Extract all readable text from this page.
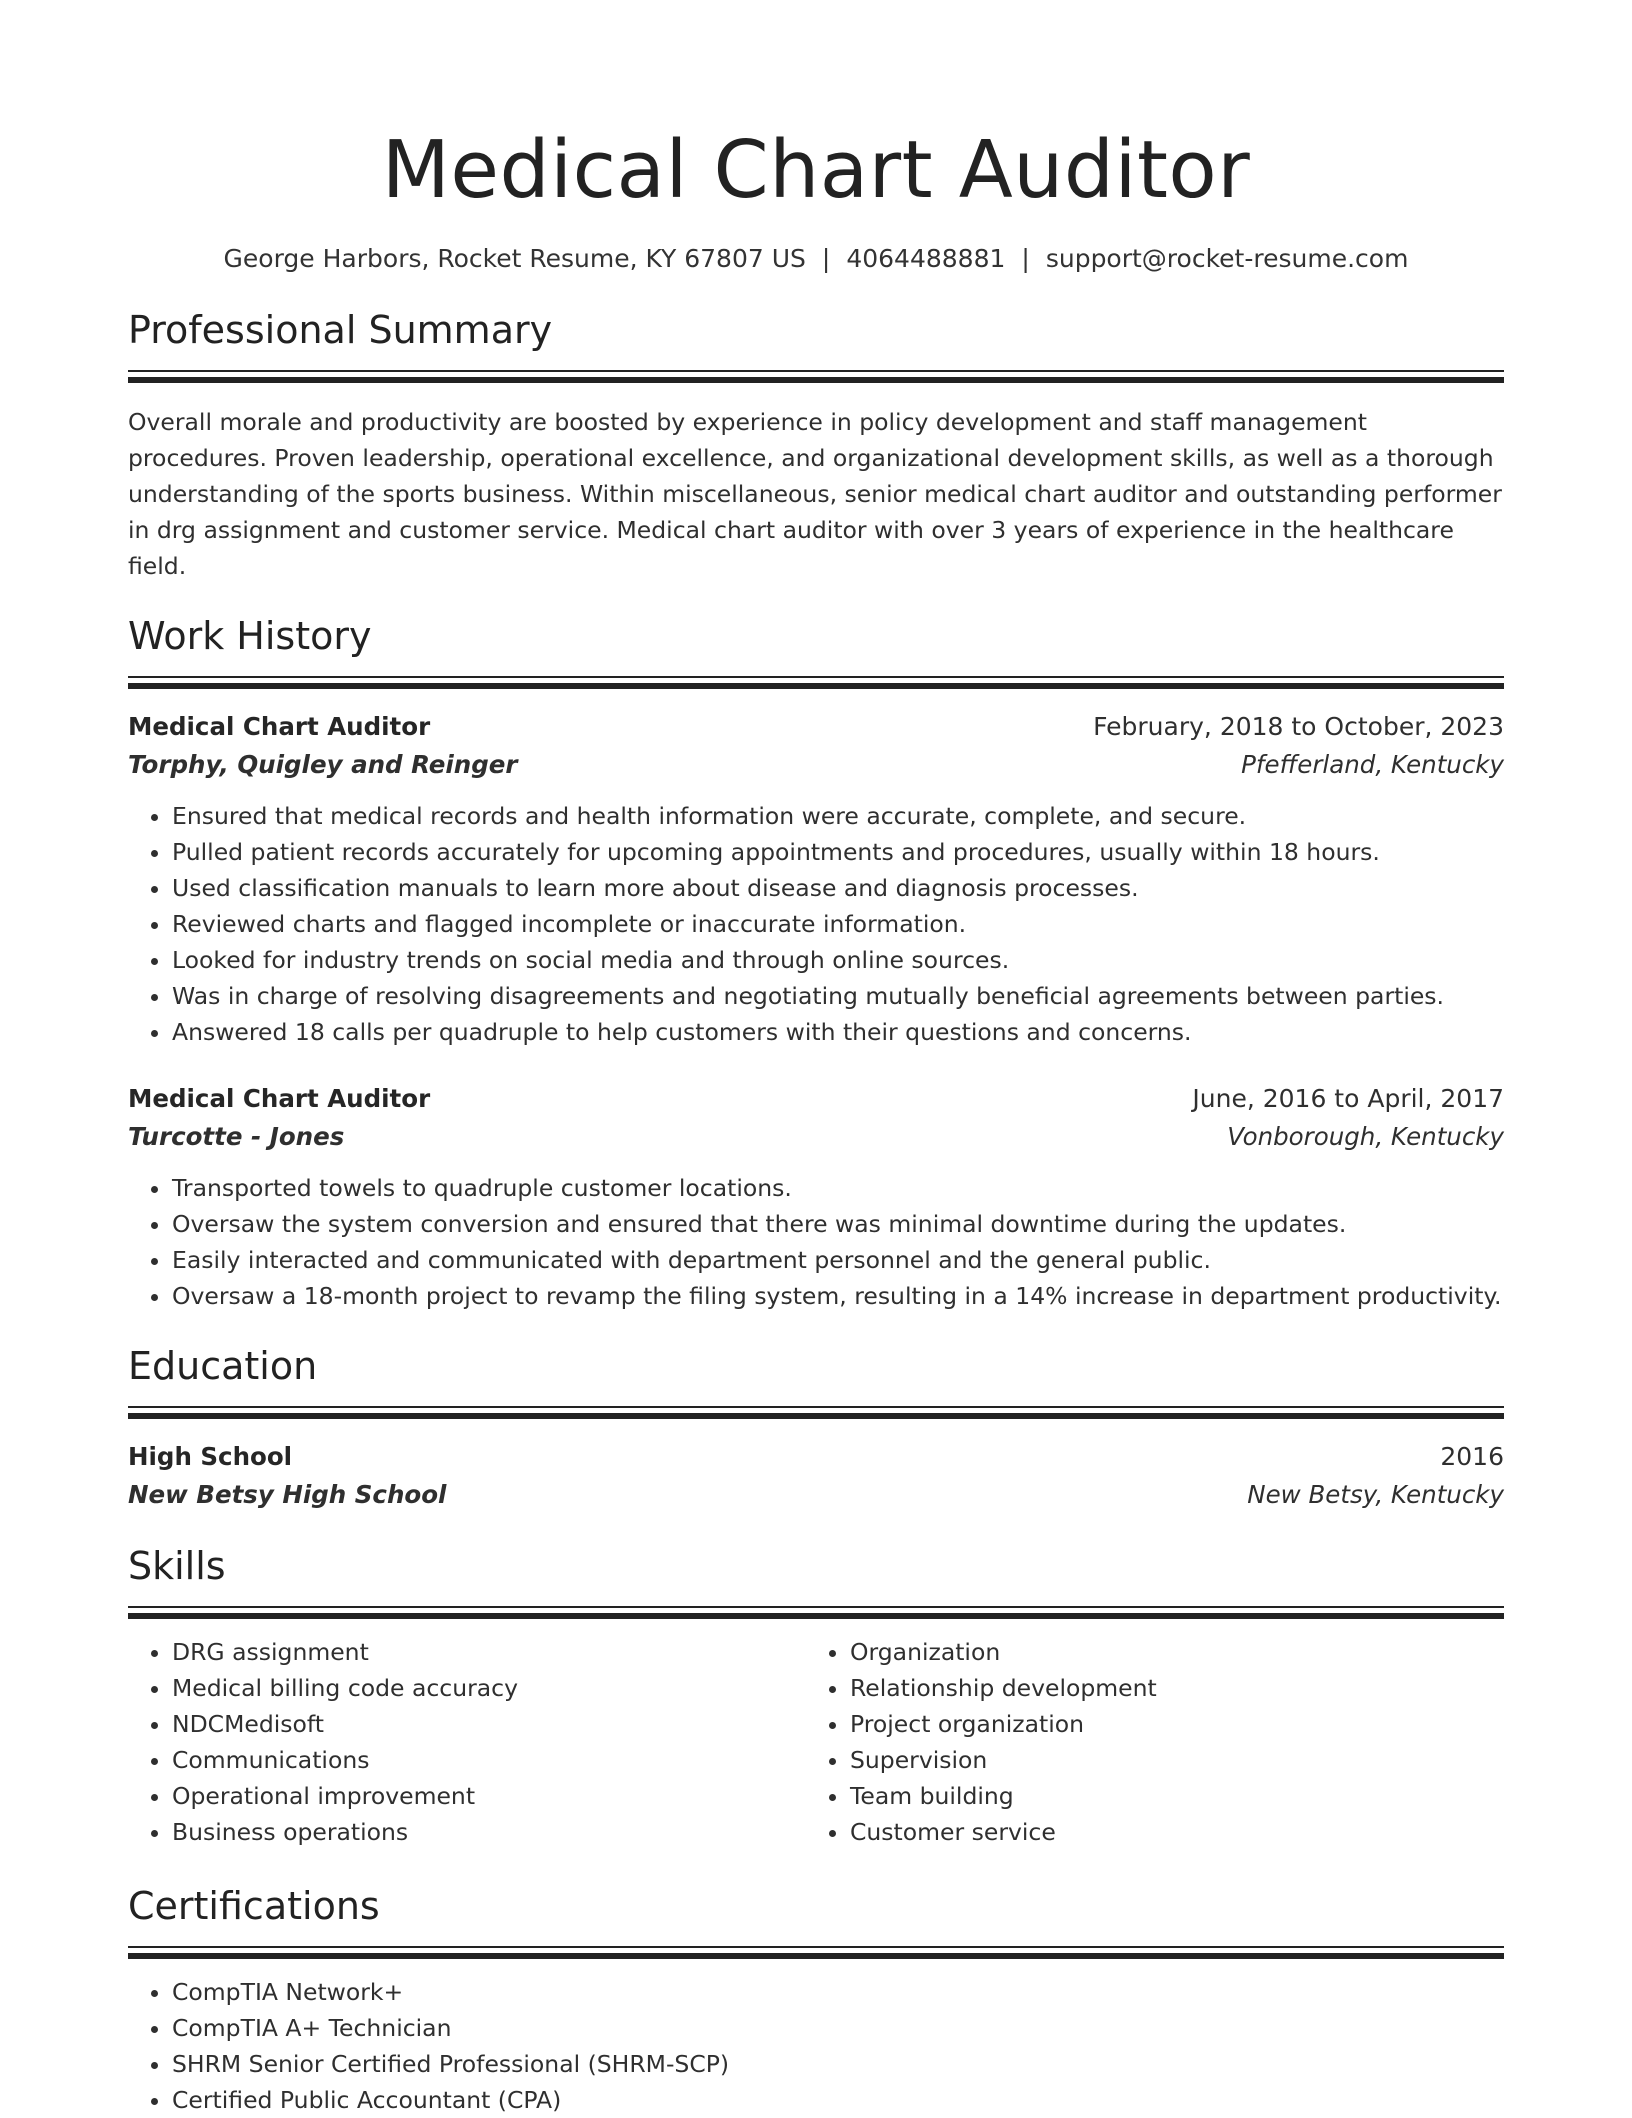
Medical Chart Auditor
George Harbors, Rocket Resume, KY 67807 US | 4064488881 | support@rocket-resume.com
Professional Summary
Overall morale and productivity are boosted by experience in policy development and staff management procedures. Proven leadership, operational excellence, and organizational development skills, as well as a thorough understanding of the sports business. Within miscellaneous, senior medical chart auditor and outstanding performer in drg assignment and customer service. Medical chart auditor with over 3 years of experience in the healthcare field.
Work History
Medical Chart Auditor	February, 2018 to October, 2023
Torphy, Quigley and Reinger	Pfefferland, Kentucky
• Ensured that medical records and health information were accurate, complete, and secure.
• Pulled patient records accurately for upcoming appointments and procedures, usually within 18 hours.
• Used classification manuals to learn more about disease and diagnosis processes.
• Reviewed charts and flagged incomplete or inaccurate information.
• Looked for industry trends on social media and through online sources.
• Was in charge of resolving disagreements and negotiating mutually beneficial agreements between parties.
• Answered 18 calls per quadruple to help customers with their questions and concerns.
Medical Chart Auditor	June, 2016 to April, 2017
Turcotte - Jones	Vonborough, Kentucky
• Transported towels to quadruple customer locations.
• Oversaw the system conversion and ensured that there was minimal downtime during the updates.
• Easily interacted and communicated with department personnel and the general public.
• Oversaw a 18-month project to revamp the filing system, resulting in a 14% increase in department productivity.
Education
High School	2016
New Betsy High School	New Betsy, Kentucky
Skills
• DRG assignment
• Medical billing code accuracy
• NDCMedisoft
• Communications
• Operational improvement
• Business operations
• Organization
• Relationship development
• Project organization
• Supervision
• Team building
• Customer service
Certifications
• CompTIA Network+
• CompTIA A+ Technician
• SHRM Senior Certified Professional (SHRM-SCP)
• Certified Public Accountant (CPA)
